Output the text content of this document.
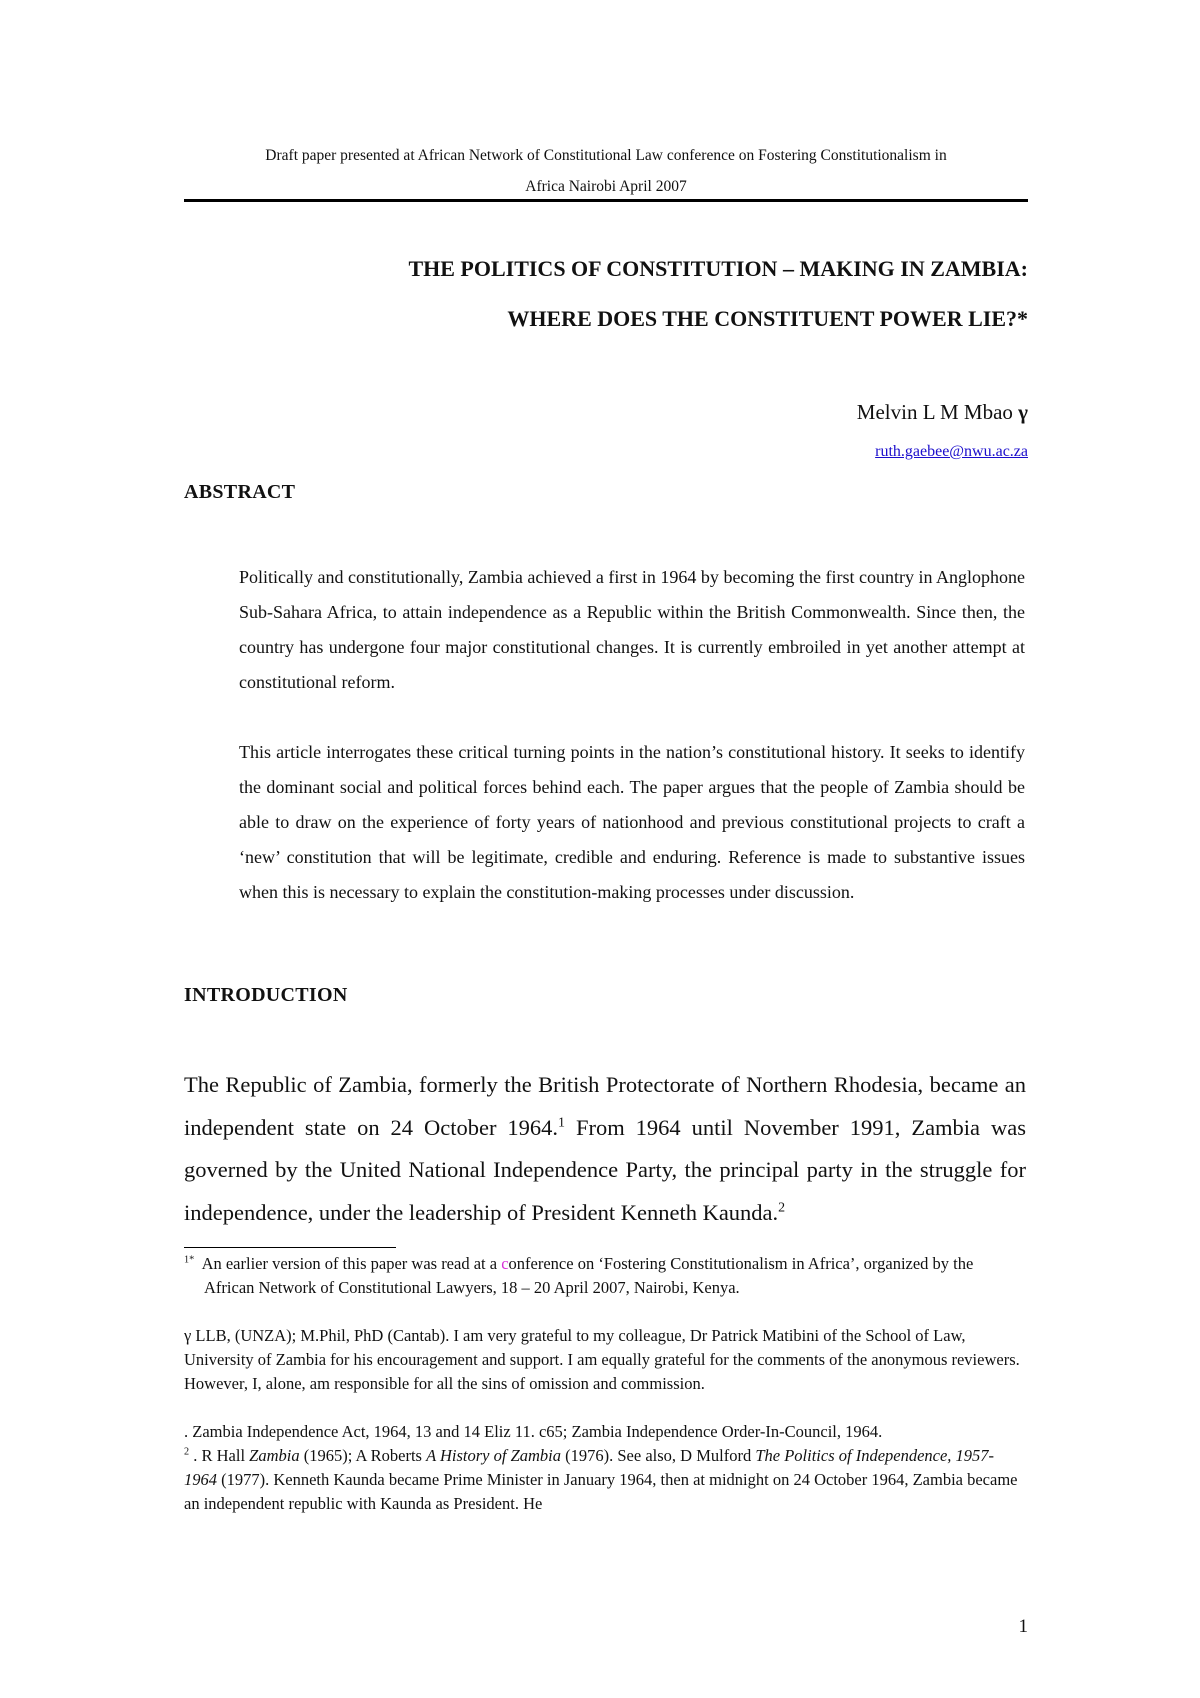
Draft paper presented at African Network of Constitutional Law conference on Fostering Constitutionalism in
Africa Nairobi April 2007
THE POLITICS OF CONSTITUTION – MAKING IN ZAMBIA:
WHERE DOES THE CONSTITUENT POWER LIE?*
Melvin L M Mbao γ
ruth.gaebee@nwu.ac.za
ABSTRACT

Politically and constitutionally, Zambia achieved a first in 1964 by becoming the first country in Anglophone Sub-Sahara Africa, to attain independence as a Republic within the British Commonwealth. Since then, the country has undergone four major constitutional changes. It is currently embroiled in yet another attempt at constitutional reform.

This article interrogates these critical turning points in the nation’s constitutional history. It seeks to identify the dominant social and political forces behind each. The paper argues that the people of Zambia should be able to draw on the experience of forty years of nationhood and previous constitutional projects to craft a ‘new’ constitution that will be legitimate, credible and enduring. Reference is made to substantive issues when this is necessary to explain the constitution-making processes under discussion.

INTRODUCTION

The Republic of Zambia, formerly the British Protectorate of Northern Rhodesia, became an independent state on 24 October 1964.$^1$ From 1964 until November 1991, Zambia was governed by the United National Independence Party, the principal party in the struggle for independence, under the leadership of President Kenneth Kaunda.$^2$

$^{1*}$ An earlier version of this paper was read at a conference on ‘Fostering Constitutionalism in Africa’, organized by the African Network of Constitutional Lawyers, 18 – 20 April 2007, Nairobi, Kenya.

γ LLB, (UNZA); M.Phil, PhD (Cantab). I am very grateful to my colleague, Dr Patrick Matibini of the School of Law, University of Zambia for his encouragement and support. I am equally grateful for the comments of the anonymous reviewers. However, I, alone, am responsible for all the sins of omission and commission.

. Zambia Independence Act, 1964, 13 and 14 Eliz 11. c65; Zambia Independence Order-In-Council, 1964.

$^2$ . R Hall Zambia (1965); A Roberts A History of Zambia (1976). See also, D Mulford The Politics of Independence, 1957-1964 (1977). Kenneth Kaunda became Prime Minister in January 1964, then at midnight on 24 October 1964, Zambia became an independent republic with Kaunda as President. He

1
